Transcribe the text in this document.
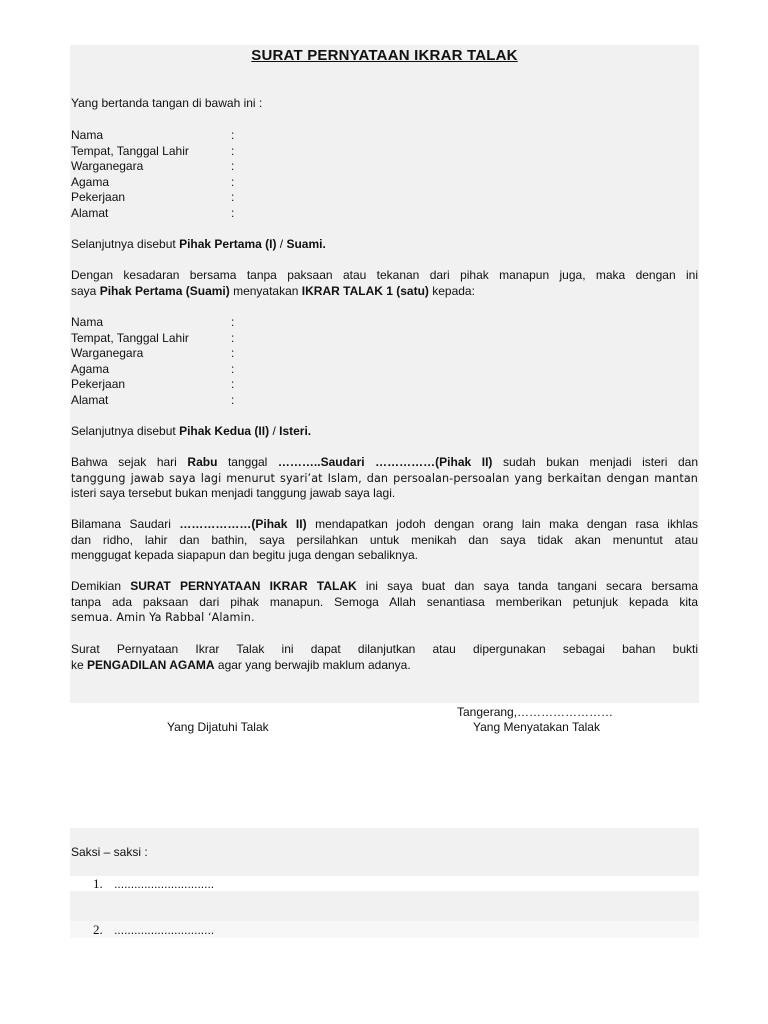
SURAT PERNYATAAN IKRAR TALAK
Yang bertanda tangan di bawah ini :
Nama	:
Tempat, Tanggal Lahir	:
Warganegara	:
Agama	:
Pekerjaan	:
Alamat	:
Selanjutnya disebut Pihak Pertama (I) / Suami.
Dengan kesadaran bersama tanpa paksaan atau tekanan dari pihak manapun juga, maka dengan ini
saya Pihak Pertama (Suami) menyatakan IKRAR TALAK 1 (satu) kepada:
Nama	:
Tempat, Tanggal Lahir	:
Warganegara	:
Agama	:
Pekerjaan	:
Alamat	:
Selanjutnya disebut Pihak Kedua (II) / Isteri.
Bahwa sejak hari Rabu tanggal ………..Saudari ……………(Pihak II) sudah bukan menjadi isteri dan
tanggung jawab saya lagi menurut syari’at Islam, dan persoalan-persoalan yang berkaitan dengan mantan
isteri saya tersebut bukan menjadi tanggung jawab saya lagi.
Bilamana Saudari ………………(Pihak II) mendapatkan jodoh dengan orang lain maka dengan rasa ikhlas
dan ridho, lahir dan bathin, saya persilahkan untuk menikah dan saya tidak akan menuntut atau
menggugat kepada siapapun dan begitu juga dengan sebaliknya.
Demikian SURAT PERNYATAAN IKRAR TALAK ini saya buat dan saya tanda tangani secara bersama
tanpa ada paksaan dari pihak manapun. Semoga Allah senantiasa memberikan petunjuk kepada kita
semua. Amin Ya Rabbal ‘Alamin.
Surat Pernyataan Ikrar Talak ini dapat dilanjutkan atau dipergunakan sebagai bahan bukti
ke PENGADILAN AGAMA agar yang berwajib maklum adanya.
Tangerang,……………………
Yang Dijatuhi Talak	Yang Menyatakan Talak
Saksi – saksi :
1. ..............................
2. ..............................
